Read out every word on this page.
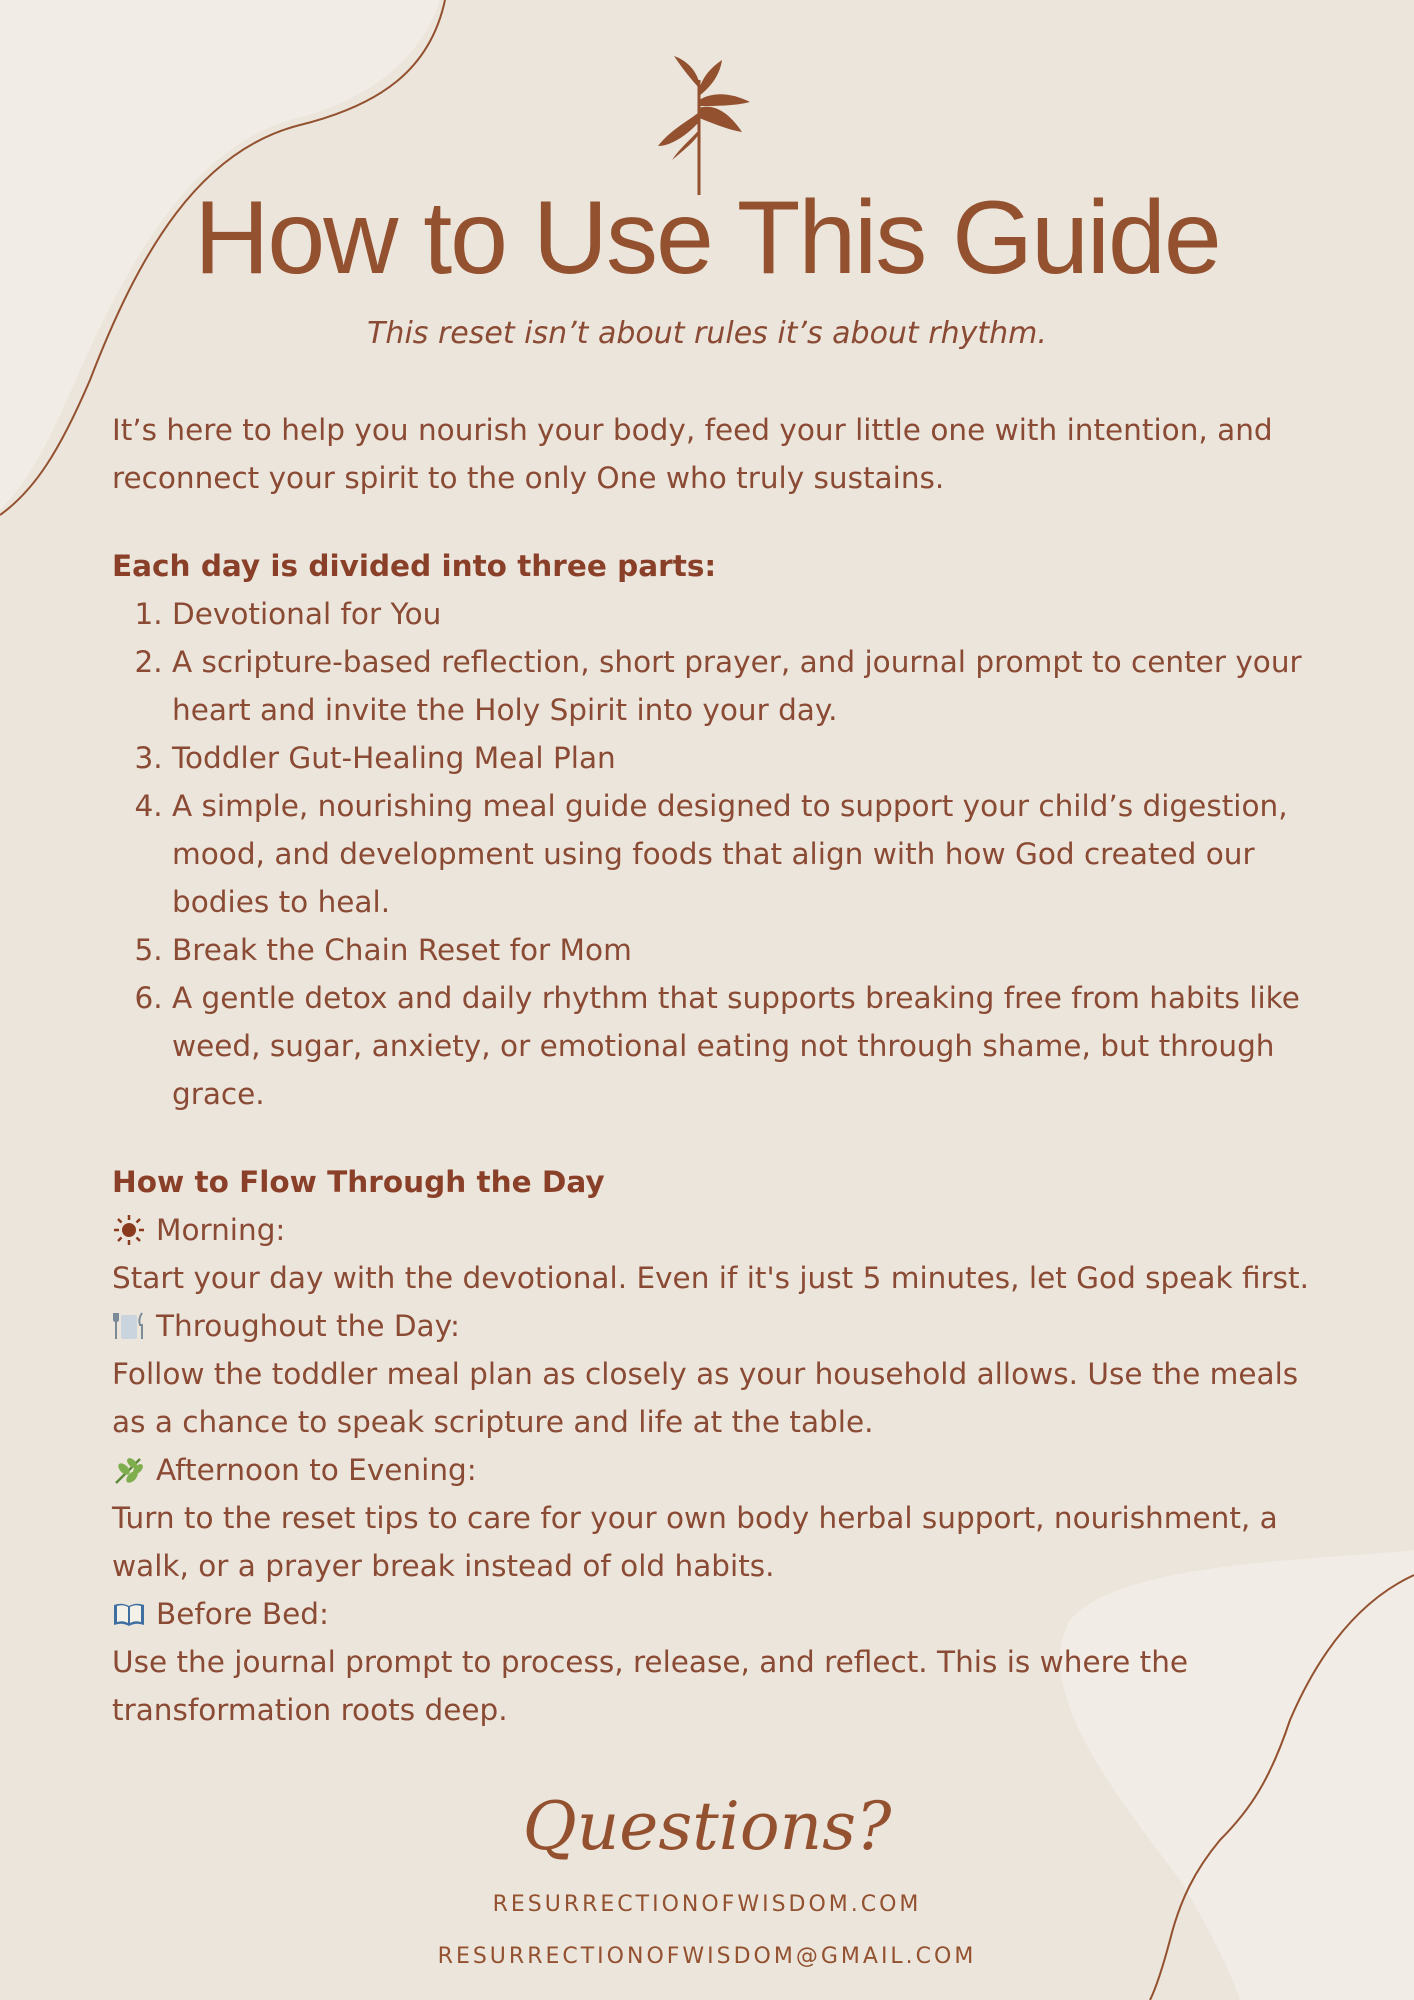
How to Use This Guide
This reset isn’t about rules it’s about rhythm.

It’s here to help you nourish your body, feed your little one with intention, and reconnect your spirit to the only One who truly sustains.

Each day is divided into three parts:

1. Devotional for You
2. A scripture-based reflection, short prayer, and journal prompt to center your heart and invite the Holy Spirit into your day.
3. Toddler Gut-Healing Meal Plan
4. A simple, nourishing meal guide designed to support your child’s digestion, mood, and development using foods that align with how God created our bodies to heal.
5. Break the Chain Reset for Mom
6. A gentle detox and daily rhythm that supports breaking free from habits like weed, sugar, anxiety, or emotional eating not through shame, but through grace.

How to Flow Through the Day

Morning:

Start your day with the devotional. Even if it's just 5 minutes, let God speak first.

Throughout the Day:

Follow the toddler meal plan as closely as your household allows. Use the meals as a chance to speak scripture and life at the table.

Afternoon to Evening:

Turn to the reset tips to care for your own body herbal support, nourishment, a walk, or a prayer break instead of old habits.

Before Bed:

Use the journal prompt to process, release, and reflect. This is where the transformation roots deep.

Questions?
RESURRECTIONOFWISDOM.COM
RESURRECTIONOFWISDOM@GMAIL.COM
